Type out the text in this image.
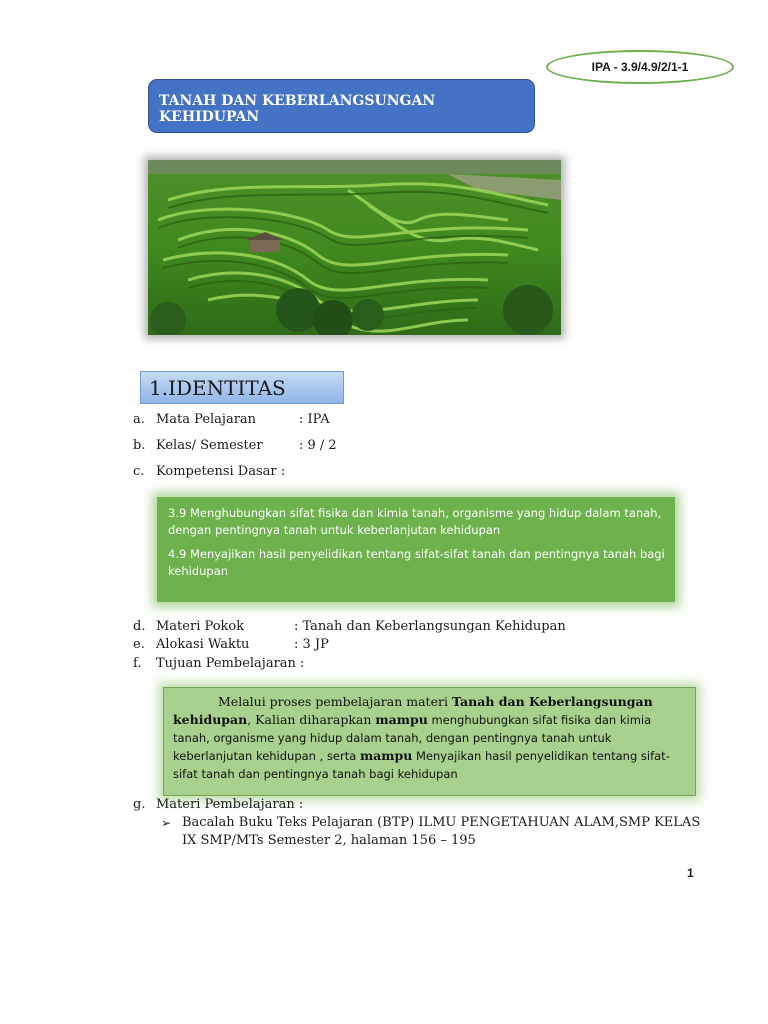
IPA - 3.9/4.9/2/1-1
TANAH DAN KEBERLANGSUNGAN KEHIDUPAN
1.IDENTITAS
a. Mata Pelajaran	: IPA
b. Kelas/ Semester	: 9 / 2
c. Kompetensi Dasar :

3.9 Menghubungkan sifat fisika dan kimia tanah, organisme yang hidup dalam tanah, dengan pentingnya tanah untuk keberlanjutan kehidupan

4.9 Menyajikan hasil penyelidikan tentang sifat-sifat tanah dan pentingnya tanah bagi kehidupan

d. Materi Pokok	: Tanah dan Keberlangsungan Kehidupan
e. Alokasi Waktu	: 3 JP
f. Tujuan Pembelajaran :
Melalui proses pembelajaran materi Tanah dan Keberlangsungan
kehidupan, Kalian diharapkan mampu menghubungkan sifat fisika dan kimia tanah, organisme yang hidup dalam tanah, dengan pentingnya tanah untuk keberlanjutan kehidupan , serta mampu Menyajikan hasil penyelidikan tentang sifat-sifat tanah dan pentingnya tanah bagi kehidupan
g. Materi Pembelajaran :
➢ Bacalah Buku Teks Pelajaran (BTP) ILMU PENGETAHUAN ALAM,SMP KELAS
IX SMP/MTs Semester 2, halaman 156 – 195
1
